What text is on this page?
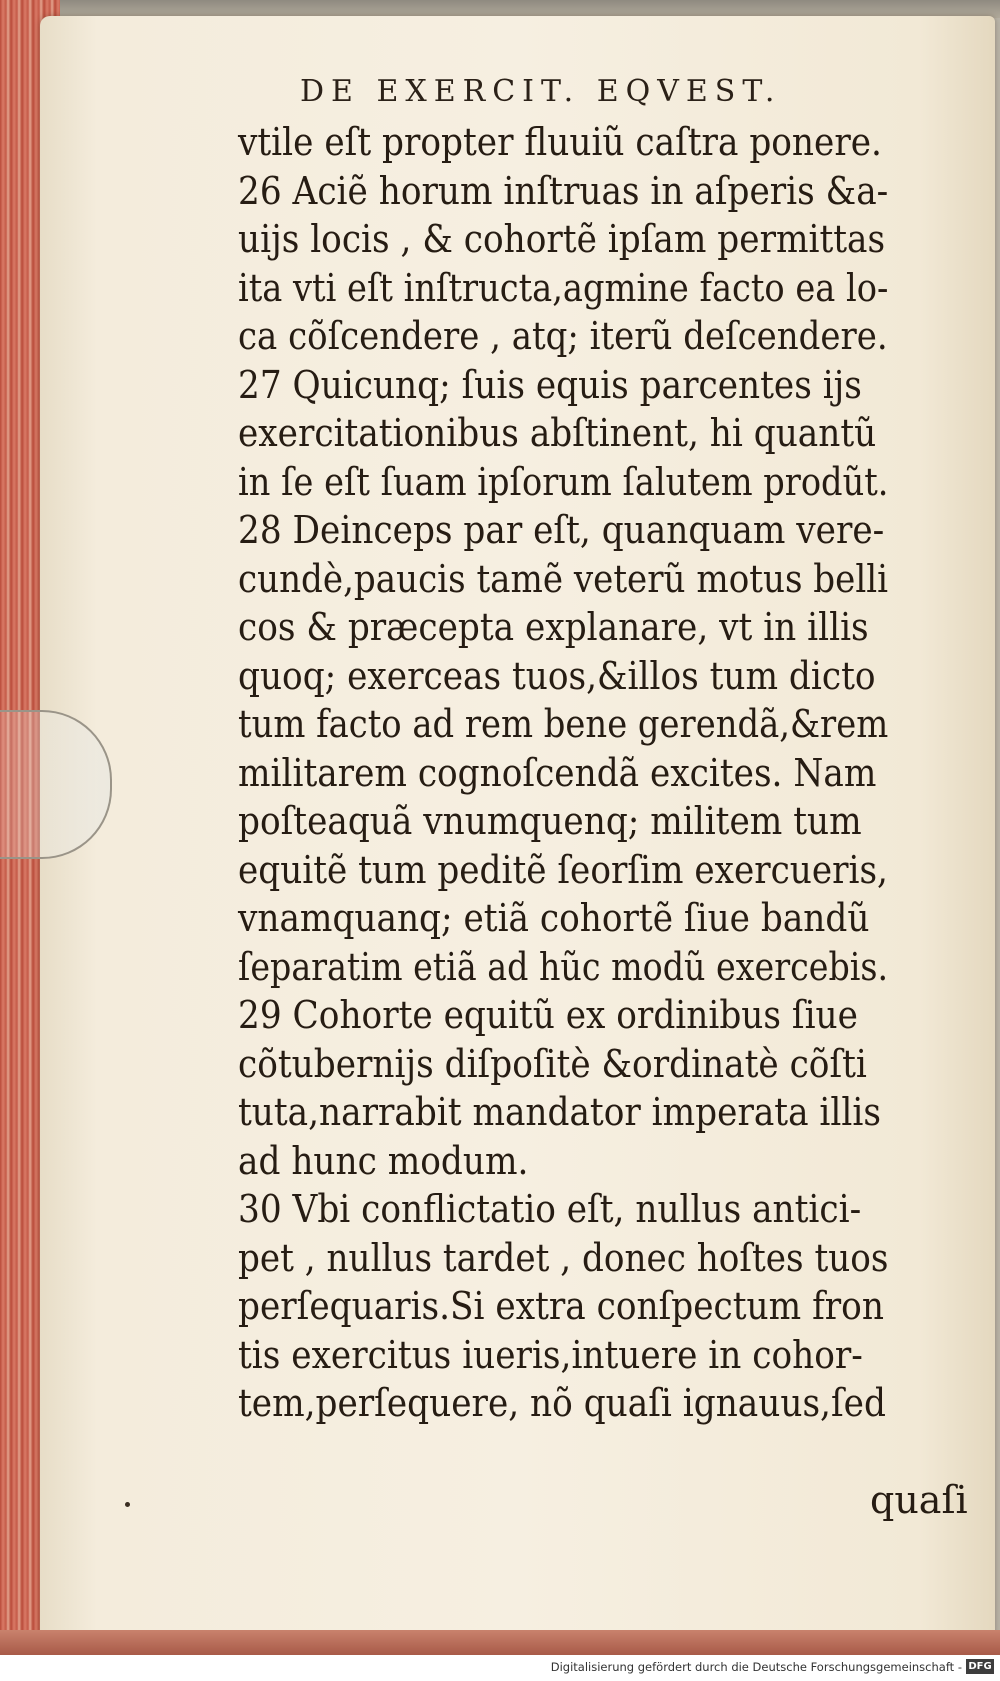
DE EXERCIT. EQVEST.
vtile eſt propter fluuiũ caſtra ponere.
26 Aciẽ horum inſtruas in aſperis &a-
uijs locis , & cohortẽ ipſam permittas
ita vti eſt inſtructa,agmine facto ea lo-
ca cõſcendere , atq; iterũ deſcendere.
27 Quicunq; ſuis equis parcentes ijs
exercitationibus abſtinent, hi quantũ
in ſe eſt ſuam ipſorum ſalutem prodũt.
28 Deinceps par eſt, quanquam vere-
cundè,paucis tamẽ veterũ motus belli
cos & præcepta explanare, vt in illis
quoq; exerceas tuos,&illos tum dicto
tum facto ad rem bene gerendã,&rem
militarem cognoſcendã excites. Nam
poſteaquã vnumquenq; militem tum
equitẽ tum peditẽ ſeorſim exercueris,
vnamquanq; etiã cohortẽ ſiue bandũ
ſeparatim etiã ad hũc modũ exercebis.
29 Cohorte equitũ ex ordinibus ſiue
cõtubernijs diſpoſitè &ordinatè cõſti
tuta,narrabit mandator imperata illis
ad hunc modum.
30 Vbi conflictatio eſt, nullus antici-
pet , nullus tardet , donec hoſtes tuos
perſequaris.Si extra conſpectum fron
tis exercitus iueris,intuere in cohor-
tem,perſequere, nõ quaſi ignauus,ſed
quaſi
Digitalisierung gefördert durch die Deutsche Forschungsgemeinschaft - DFG
